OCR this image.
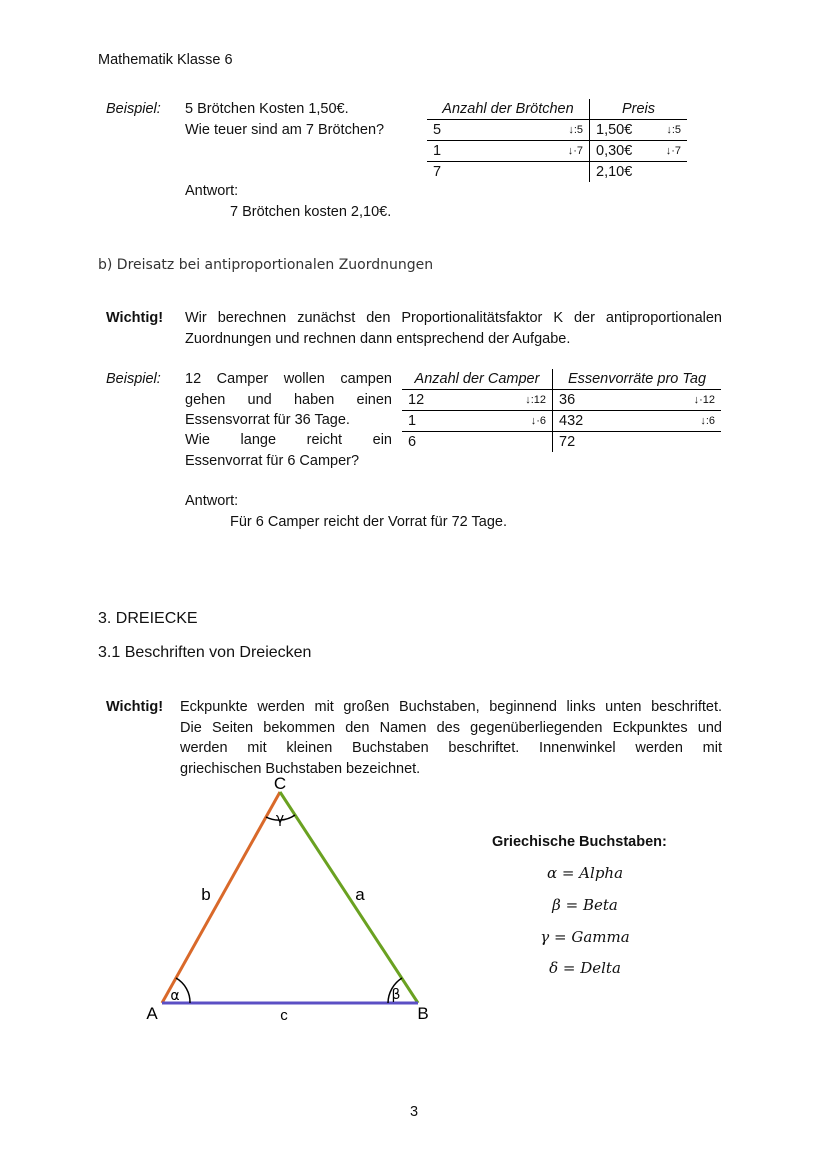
Mathematik Klasse 6
Beispiel: 5 Brötchen Kosten 1,50€.
Wie teuer sind am 7 Brötchen?
Anzahl der Brötchen	Preis
5 ↓:5	1,50€ ↓:5

1 ↓·7	0,30€ ↓·7

7	2,10€
Antwort:
7 Brötchen kosten 2,10€.
b) Dreisatz bei antiproportionalen Zuordnungen
Wichtig! Wir berechnen zunächst den Proportionalitätsfaktor K der antiproportionalen
Zuordnungen und rechnen dann entsprechend der Aufgabe.
Beispiel: 12 Camper wollen campen
gehen und haben einen
Essensvorrat für 36 Tage.
Wie lange reicht ein
Essenvorrat für 6 Camper?
Anzahl der Camper	Essenvorräte pro Tag
12 ↓:12	36 ↓·12

1 ↓·6	432 ↓:6

6	72
Antwort:
Für 6 Camper reicht der Vorrat für 72 Tage.
3. DREIECKE
3.1 Beschriften von Dreiecken
Wichtig! Eckpunkte werden mit großen Buchstaben, beginnend links unten beschriftet.
Die Seiten bekommen den Namen des gegenüberliegenden Eckpunktes und
werden mit kleinen Buchstaben beschriftet. Innenwinkel werden mit
griechischen Buchstaben bezeichnet.
C
A	B
b	a
c
α	β
γ
Griechische Buchstaben:
α = Alpha
β = Beta
γ = Gamma
δ = Delta
3
